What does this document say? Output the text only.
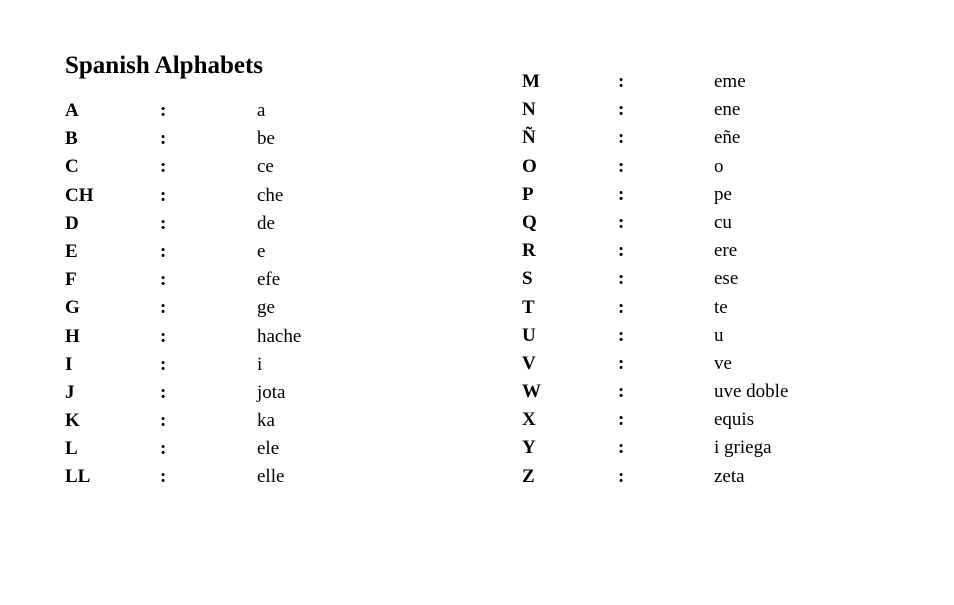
Spanish Alphabets
A	:	a
B	:	be
C	:	ce
CH	:	che
D	:	de
E	:	e
F	:	efe
G	:	ge
H	:	hache
I	:	i
J	:	jota
K	:	ka
L	:	ele
LL	:	elle
M	:	eme
N	:	ene
Ñ	:	eñe
O	:	o
P	:	pe
Q	:	cu
R	:	ere
S	:	ese
T	:	te
U	:	u
V	:	ve
W	:	uve doble
X	:	equis
Y	:	i griega
Z	:	zeta
